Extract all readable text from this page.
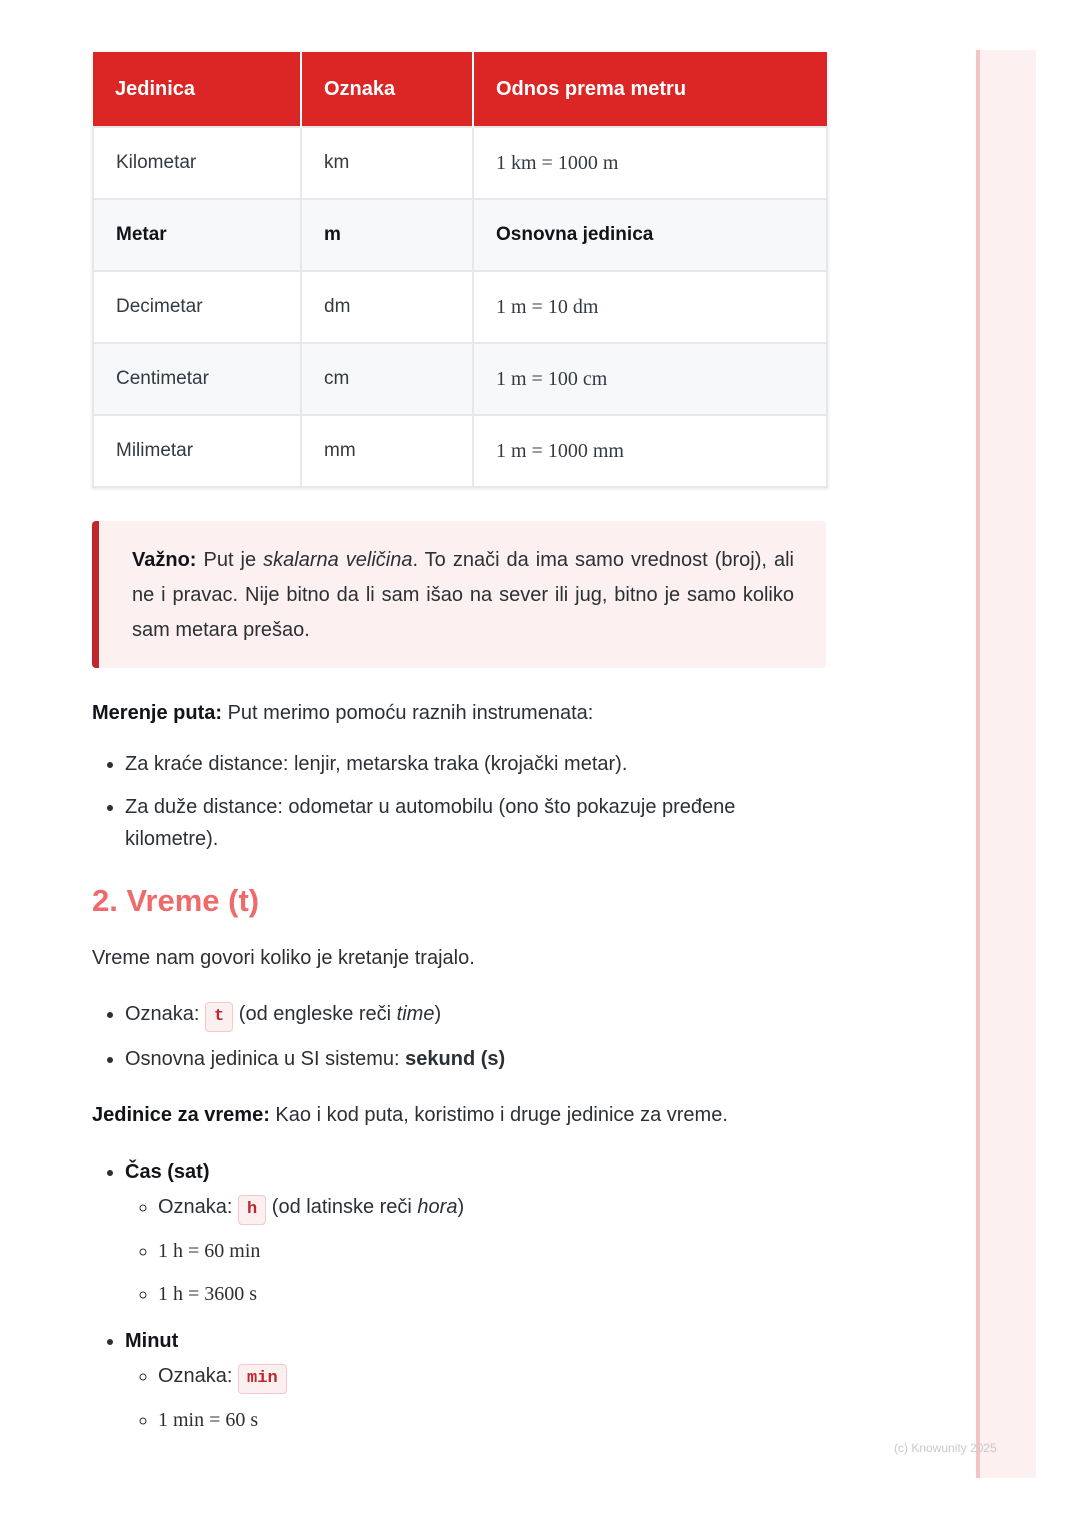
(c) Knowunity 2025
Jedinica	Oznaka	Odnos prema metru
Kilometar	km	1 km = 1000 m
Metar	m	Osnovna jedinica
Decimetar	dm	1 m = 10 dm
Centimetar	cm	1 m = 100 cm
Milimetar	mm	1 m = 1000 mm
Važno: Put je skalarna veličina. To znači da ima samo vrednost (broj), ali ne i pravac. Nije bitno da li sam išao na sever ili jug, bitno je samo koliko sam metara prešao.

Merenje puta: Put merimo pomoću raznih instrumenata:

• Za kraće distance: lenjir, metarska traka (krojački metar).
• Za duže distance: odometar u automobilu (ono što pokazuje pređene kilometre).
2. Vreme (t)

Vreme nam govori koliko je kretanje trajalo.

• Oznaka: t (od engleske reči time)
• Osnovna jedinica u SI sistemu: sekund (s)

Jedinice za vreme: Kao i kod puta, koristimo i druge jedinice za vreme.

• Čas (sat)
◦ Oznaka: h (od latinske reči hora)
◦ 1 h = 60 min
◦ 1 h = 3600 s
• Minut
◦ Oznaka: min
◦ 1 min = 60 s
